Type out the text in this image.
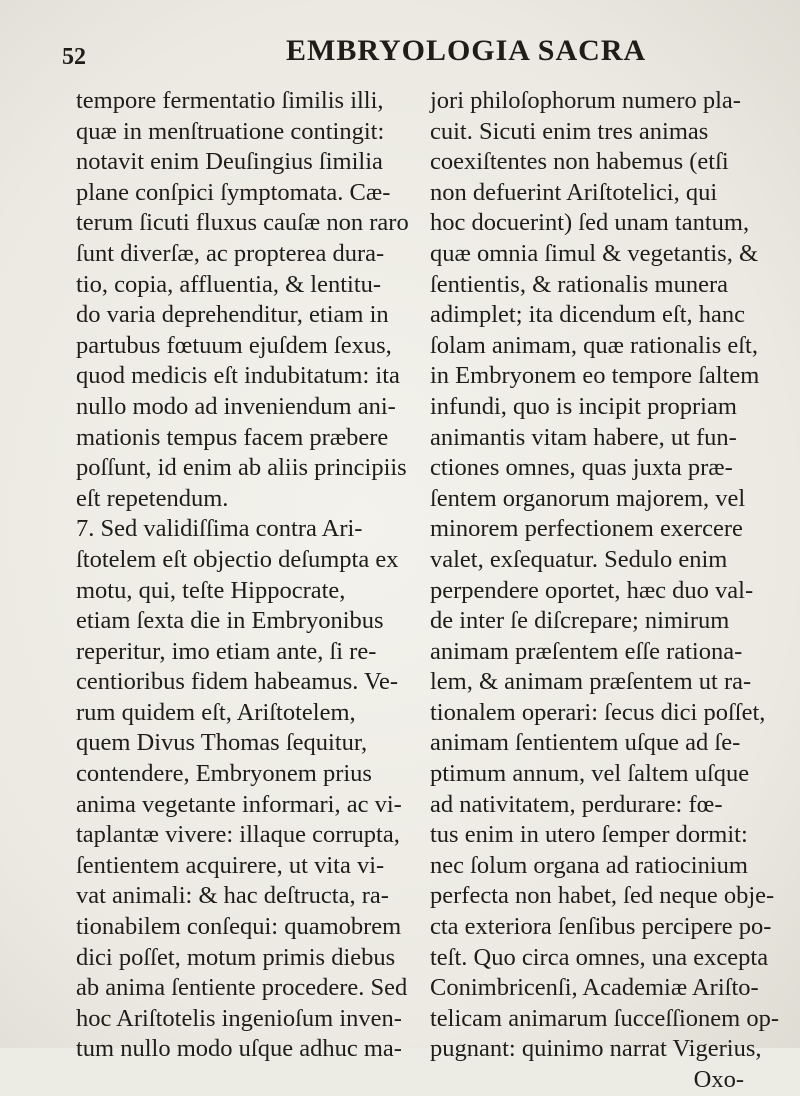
52	EMBRYOLOGIA SACRA
tempore fermentatio ſimilis illi,
quæ in menſtruatione contingit:
notavit enim Deuſingius ſimilia
plane conſpici ſymptomata. Cæ-
terum ſicuti fluxus cauſæ non raro
ſunt diverſæ, ac propterea dura-
tio, copia, affluentia, & lentitu-
do varia deprehenditur, etiam in
partubus fœtuum ejuſdem ſexus,
quod medicis eſt indubitatum: ita
nullo modo ad inveniendum ani-
mationis tempus facem præbere
poſſunt, id enim ab aliis principiis
eſt repetendum.
7. Sed validiſſima contra Ari-
ſtotelem eſt objectio deſumpta ex
motu, qui, teſte Hippocrate,
etiam ſexta die in Embryonibus
reperitur, imo etiam ante, ſi re-
centioribus fidem habeamus. Ve-
rum quidem eſt, Ariſtotelem,
quem Divus Thomas ſequitur,
contendere, Embryonem prius
anima vegetante informari, ac vi-
taplantæ vivere: illaque corrupta,
ſentientem acquirere, ut vita vi-
vat animali: & hac deſtructa, ra-
tionabilem conſequi: quamobrem
dici poſſet, motum primis diebus
ab anima ſentiente procedere. Sed
hoc Ariſtotelis ingenioſum inven-
tum nullo modo uſque adhuc ma-
jori philoſophorum numero pla-
cuit. Sicuti enim tres animas
coexiſtentes non habemus (etſi
non defuerint Ariſtotelici, qui
hoc docuerint) ſed unam tantum,
quæ omnia ſimul & vegetantis, &
ſentientis, & rationalis munera
adimplet; ita dicendum eſt, hanc
ſolam animam, quæ rationalis eſt,
in Embryonem eo tempore ſaltem
infundi, quo is incipit propriam
animantis vitam habere, ut fun-
ctiones omnes, quas juxta præ-
ſentem organorum majorem, vel
minorem perfectionem exercere
valet, exſequatur. Sedulo enim
perpendere oportet, hæc duo val-
de inter ſe diſcrepare; nimirum
animam præſentem eſſe rationa-
lem, & animam præſentem ut ra-
tionalem operari: ſecus dici poſſet,
animam ſentientem uſque ad ſe-
ptimum annum, vel ſaltem uſque
ad nativitatem, perdurare: fœ-
tus enim in utero ſemper dormit:
nec ſolum organa ad ratiocinium
perfecta non habet, ſed neque obje-
cta exteriora ſenſibus percipere po-
teſt. Quo circa omnes, una excepta
Conimbricenſi, Academiæ Ariſto-
telicam animarum ſucceſſionem op-
pugnant: quinimo narrat Vigerius,
Oxo-
